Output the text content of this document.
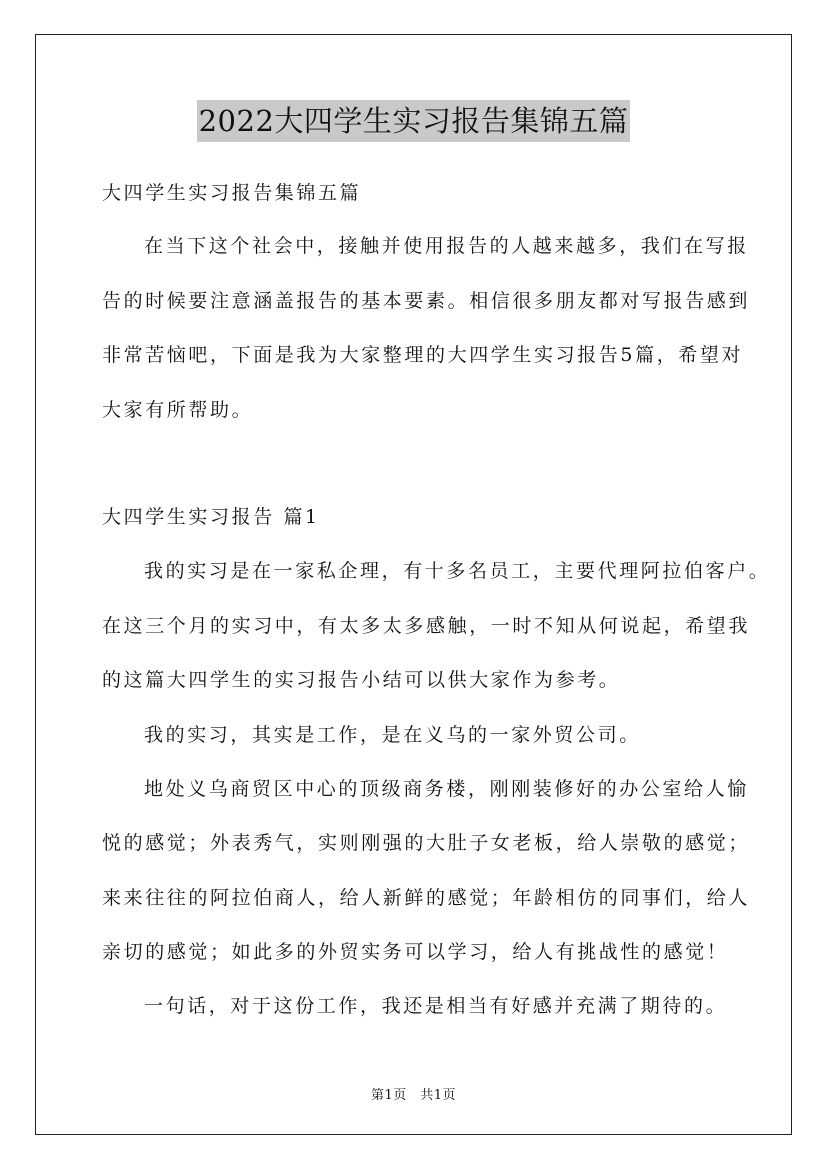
2022大四学生实习报告集锦五篇
大四学生实习报告集锦五篇
在当下这个社会中，接触并使用报告的人越来越多，我们在写报
告的时候要注意涵盖报告的基本要素。相信很多朋友都对写报告感到
非常苦恼吧，下面是我为大家整理的大四学生实习报告5篇，希望对
大家有所帮助。
大四学生实习报告 篇1
我的实习是在一家私企理，有十多名员工，主要代理阿拉伯客户。
在这三个月的实习中，有太多太多感触，一时不知从何说起，希望我
的这篇大四学生的实习报告小结可以供大家作为参考。
我的实习，其实是工作，是在义乌的一家外贸公司。
地处义乌商贸区中心的顶级商务楼，刚刚装修好的办公室给人愉
悦的感觉；外表秀气，实则刚强的大肚子女老板，给人崇敬的感觉；
来来往往的阿拉伯商人，给人新鲜的感觉；年龄相仿的同事们，给人
亲切的感觉；如此多的外贸实务可以学习，给人有挑战性的感觉！
一句话，对于这份工作，我还是相当有好感并充满了期待的。
第1页　共1页
